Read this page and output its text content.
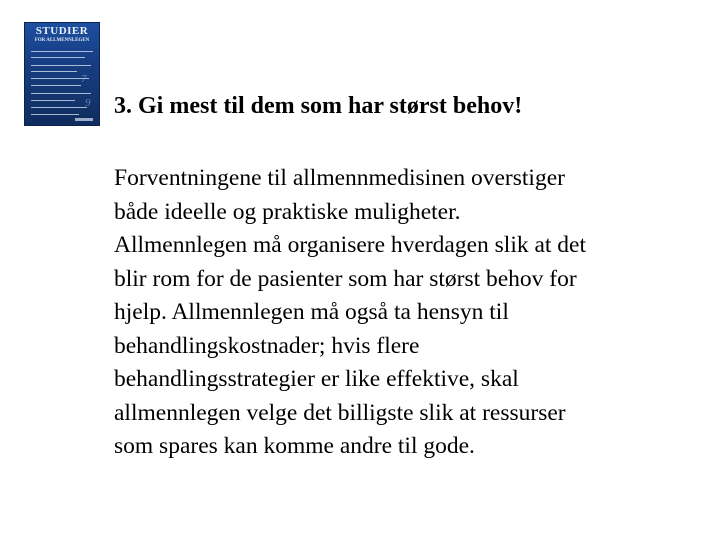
STUDIER
FOR ALLMENNLEGEN
7
9 3. Gi mest til dem som har størst behov!

Forventningene til allmennmedisinen overstiger
både ideelle og praktiske muligheter.
Allmennlegen må organisere hverdagen slik at det
blir rom for de pasienter som har størst behov for
hjelp. Allmennlegen må også ta hensyn til
behandlingskostnader; hvis flere
behandlingsstrategier er like effektive, skal
allmennlegen velge det billigste slik at ressurser
som spares kan komme andre til gode.
